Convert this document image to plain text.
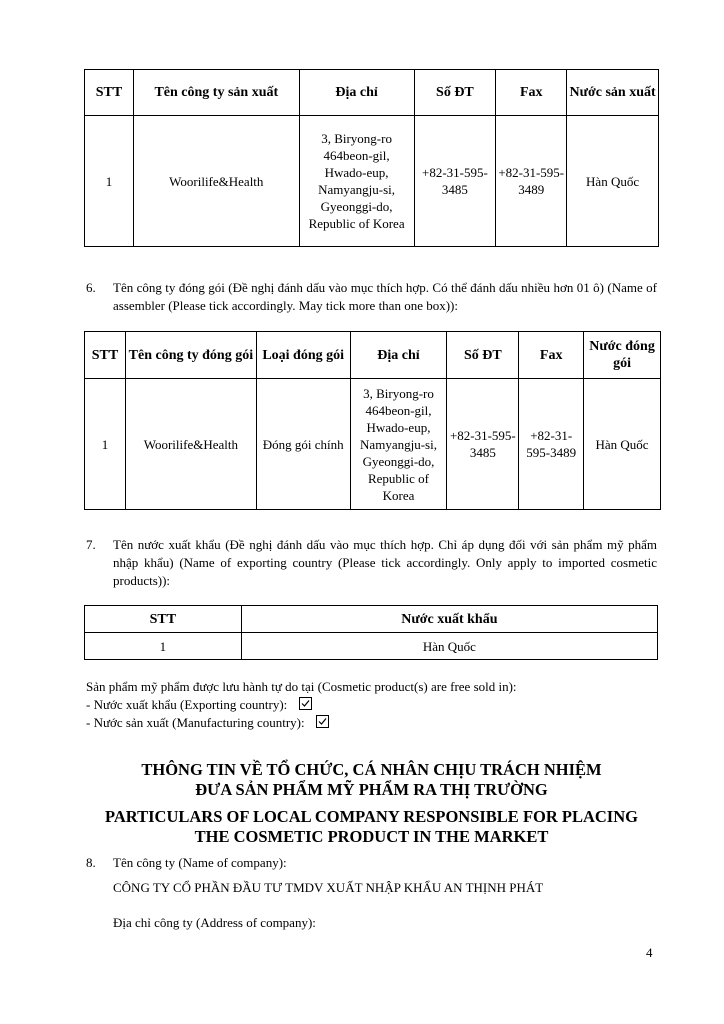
STT	Tên công ty sản xuất	Địa chỉ	Số ĐT	Fax	Nước sản xuất
1	Woorilife&Health	3, Biryong-ro 464beon-gil, Hwado-eup, Namyangju-si, Gyeonggi-do, Republic of Korea	+82-31-595-3485	+82-31-595-3489	Hàn Quốc
6. Tên công ty đóng gói (Đề nghị đánh dấu vào mục thích hợp. Có thể đánh dấu nhiều hơn 01 ô) (Name of assembler (Please tick accordingly. May tick more than one box)):
STT	Tên công ty đóng gói	Loại đóng gói	Địa chỉ	Số ĐT	Fax	Nước đóng gói
1	Woorilife&Health	Đóng gói chính	3, Biryong-ro 464beon-gil, Hwado-eup, Namyangju-si, Gyeonggi-do, Republic of Korea	+82-31-595-3485	+82-31-595-3489	Hàn Quốc
7. Tên nước xuất khẩu (Đề nghị đánh dấu vào mục thích hợp. Chỉ áp dụng đối với sản phẩm mỹ phẩm nhập khẩu) (Name of exporting country (Please tick accordingly. Only apply to imported cosmetic products)):
STT	Nước xuất khẩu
1	Hàn Quốc
Sản phẩm mỹ phẩm được lưu hành tự do tại (Cosmetic product(s) are free sold in):
- Nước xuất khẩu (Exporting country):
- Nước sản xuất (Manufacturing country):
THÔNG TIN VỀ TỔ CHỨC, CÁ NHÂN CHỊU TRÁCH NHIỆM
ĐƯA SẢN PHẨM MỸ PHẨM RA THỊ TRƯỜNG
PARTICULARS OF LOCAL COMPANY RESPONSIBLE FOR PLACING
THE COSMETIC PRODUCT IN THE MARKET
8. Tên công ty (Name of company):
CÔNG TY CỔ PHẦN ĐẦU TƯ TMDV XUẤT NHẬP KHẨU AN THỊNH PHÁT
Địa chỉ công ty (Address of company):
4
